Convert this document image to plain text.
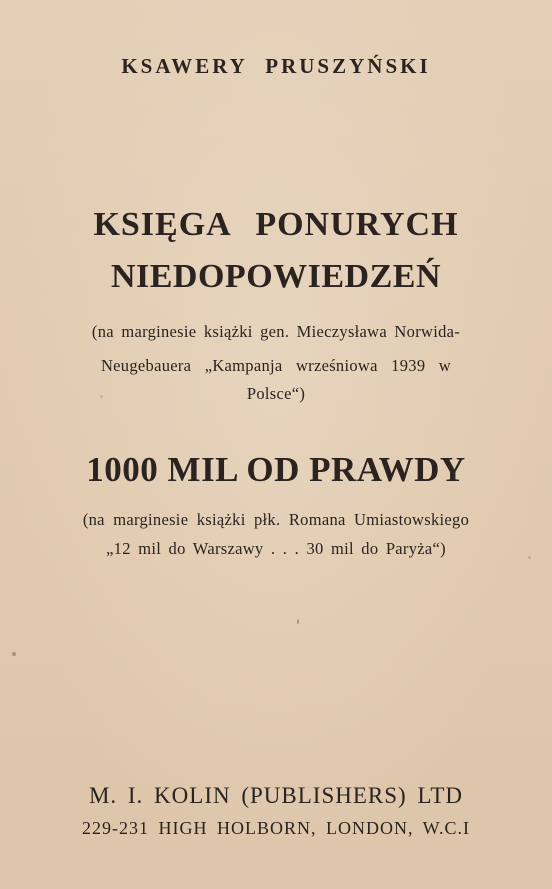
KSAWERY PRUSZYŃSKI
KSIĘGA PONURYCH
NIEDOPOWIEDZEŃ
(na marginesie książki gen. Mieczysława Norwida-
Neugebauera „Kampanja wrześniowa 1939 w
Polsce“)
1000 MIL OD PRAWDY
(na marginesie książki płk. Romana Umiastowskiego
„12 mil do Warszawy . . . 30 mil do Paryża“)
M. I. KOLIN (PUBLISHERS) LTD
229-231 HIGH HOLBORN, LONDON, W.C.I
